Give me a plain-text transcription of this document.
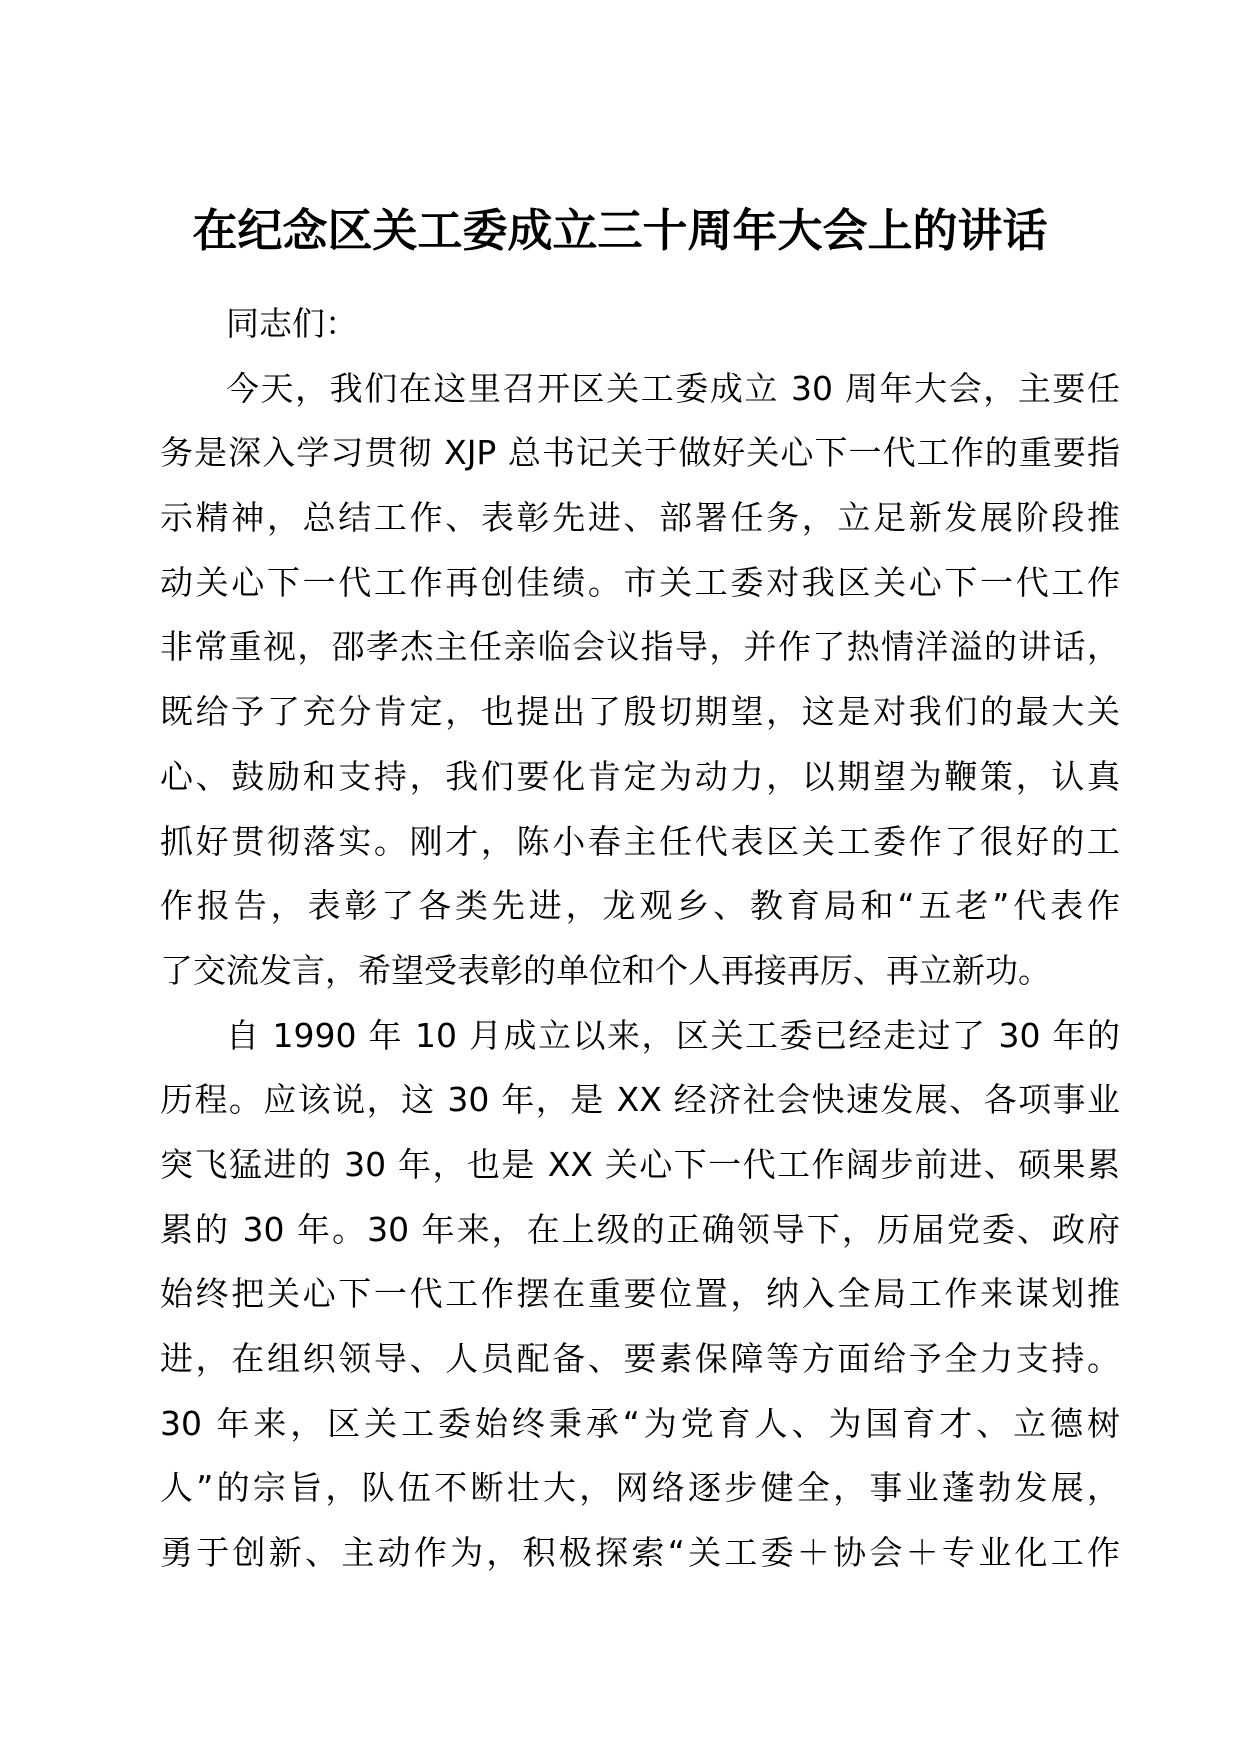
在纪念区关工委成立三十周年大会上的讲话
同志们：
今天，我们在这里召开区关工委成立 30 周年大会，主要任
务是深入学习贯彻 XJP 总书记关于做好关心下一代工作的重要指
示精神，总结工作、表彰先进、部署任务，立足新发展阶段推
动关心下一代工作再创佳绩。市关工委对我区关心下一代工作
非常重视，邵孝杰主任亲临会议指导，并作了热情洋溢的讲话，
既给予了充分肯定，也提出了殷切期望，这是对我们的最大关
心、鼓励和支持，我们要化肯定为动力，以期望为鞭策，认真
抓好贯彻落实。刚才，陈小春主任代表区关工委作了很好的工
作报告，表彰了各类先进，龙观乡、教育局和“五老”代表作
了交流发言，希望受表彰的单位和个人再接再厉、再立新功。
自 1990 年 10 月成立以来，区关工委已经走过了 30 年的
历程。应该说，这 30 年，是 XX 经济社会快速发展、各项事业
突飞猛进的 30 年，也是 XX 关心下一代工作阔步前进、硕果累
累的 30 年。30 年来，在上级的正确领导下，历届党委、政府
始终把关心下一代工作摆在重要位置，纳入全局工作来谋划推
进，在组织领导、人员配备、要素保障等方面给予全力支持。
30 年来，区关工委始终秉承“为党育人、为国育才、立德树
人”的宗旨，队伍不断壮大，网络逐步健全，事业蓬勃发展，
勇于创新、主动作为，积极探索“关工委＋协会＋专业化工作
